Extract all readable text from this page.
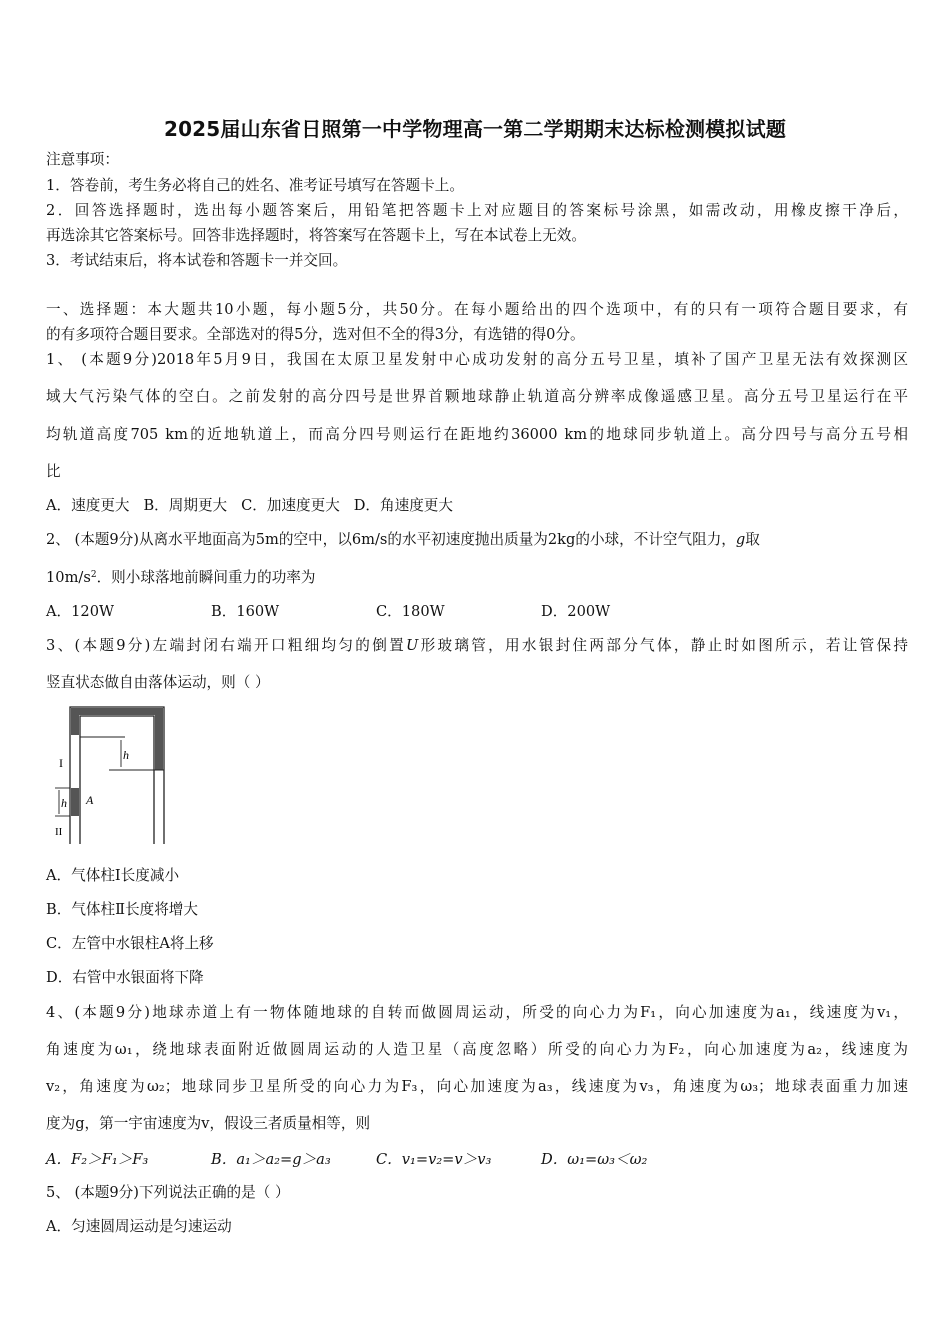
2025届山东省日照第一中学物理高一第二学期期末达标检测模拟试题
注意事项：
1．答卷前，考生务必将自己的姓名、准考证号填写在答题卡上。
2．回答选择题时，选出每小题答案后，用铅笔把答题卡上对应题目的答案标号涂黑，如需改动，用橡皮擦干净后，
再选涂其它答案标号。回答非选择题时，将答案写在答题卡上，写在本试卷上无效。
3．考试结束后，将本试卷和答题卡一并交回。
一、选择题：本大题共10小题，每小题5分，共50分。在每小题给出的四个选项中，有的只有一项符合题目要求，有
的有多项符合题目要求。全部选对的得5分，选对但不全的得3分，有选错的得0分。
1、 (本题9分)2018年5月9日，我国在太原卫星发射中心成功发射的高分五号卫星，填补了国产卫星无法有效探测区
域大气污染气体的空白。之前发射的高分四号是世界首颗地球静止轨道高分辨率成像遥感卫星。高分五号卫星运行在平
均轨道高度705 km的近地轨道上，而高分四号则运行在距地约36000 km的地球同步轨道上。高分四号与高分五号相
比
A．速度更大 B．周期更大 C．加速度更大 D．角速度更大
2、 (本题9分)从离水平地面高为5m的空中，以6m/s的水平初速度抛出质量为2kg的小球，不计空气阻力，g取
$10m/s^2$．则小球落地前瞬间重力的功率为
A．120W	B．160W	C．180W	D．200W
3、(本题9分)左端封闭右端开口粗细均匀的倒置U形玻璃管，用水银封住两部分气体，静止时如图所示，若让管保持
竖直状态做自由落体运动，则（ ）
I
II
h
h A
A．气体柱Ⅰ长度减小
B．气体柱Ⅱ长度将增大
C．左管中水银柱A将上移
D．右管中水银面将下降
4、(本题9分)地球赤道上有一物体随地球的自转而做圆周运动，所受的向心力为F₁，向心加速度为a₁，线速度为v₁，
角速度为ω₁，绕地球表面附近做圆周运动的人造卫星（高度忽略）所受的向心力为F₂，向心加速度为a₂，线速度为
v₂，角速度为ω₂；地球同步卫星所受的向心力为F₃，向心加速度为a₃，线速度为v₃，角速度为ω₃；地球表面重力加速
度为g，第一宇宙速度为v，假设三者质量相等，则
A．F₂＞F₁＞F₃	B．a₁＞a₂=g＞a₃	C．v₁=v₂=v＞v₃	D．ω₁=ω₃＜ω₂
5、 (本题9分)下列说法正确的是（ ）
A．匀速圆周运动是匀速运动
